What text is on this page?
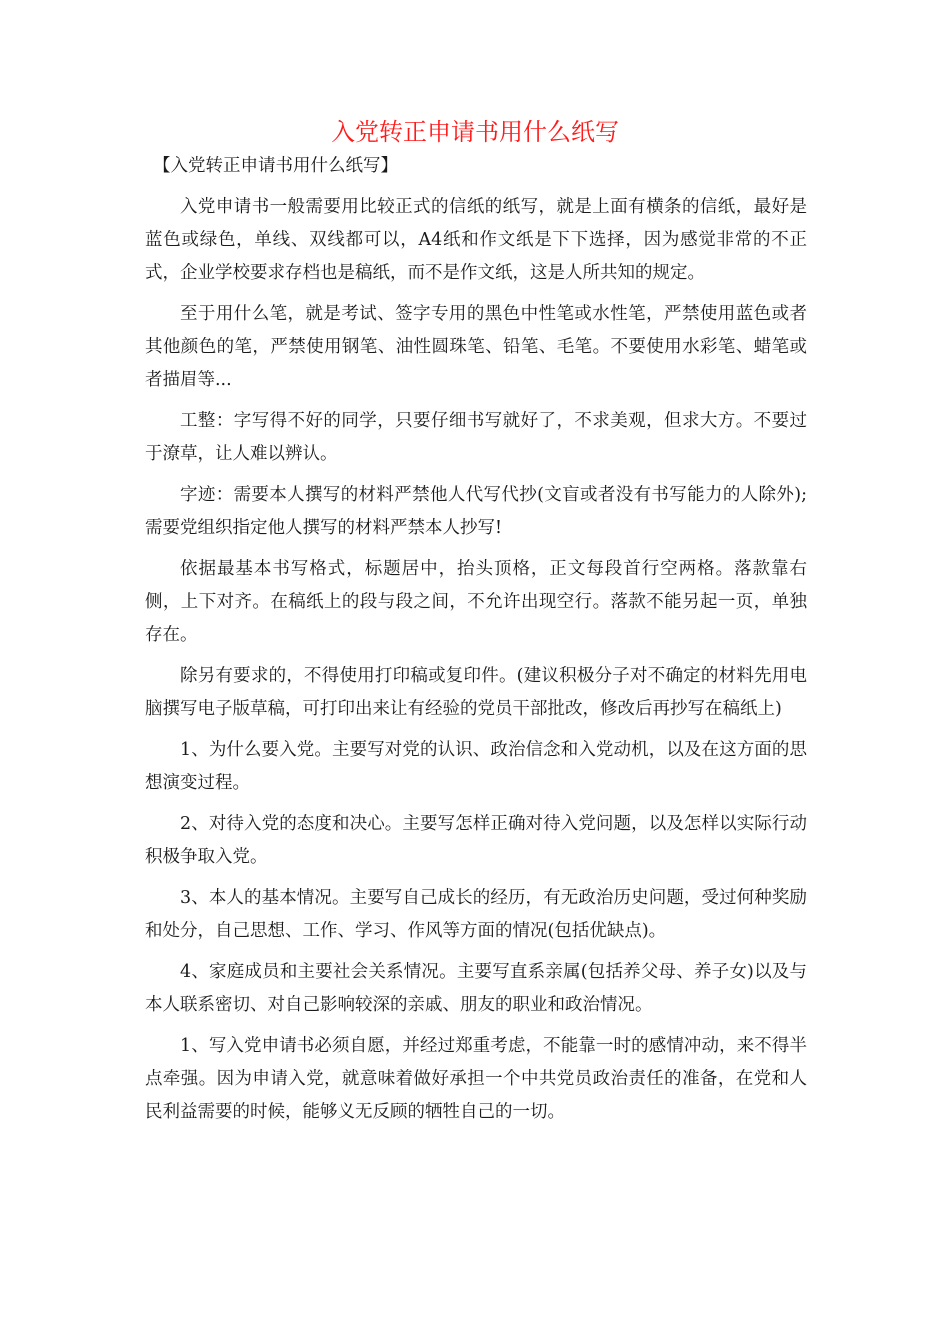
入党转正申请书用什么纸写

【入党转正申请书用什么纸写】

入党申请书一般需要用比较正式的信纸的纸写，就是上面有横条的信纸，最好是蓝色或绿色，单线、双线都可以，A4纸和作文纸是下下选择，因为感觉非常的不正式，企业学校要求存档也是稿纸，而不是作文纸，这是人所共知的规定。

至于用什么笔，就是考试、签字专用的黑色中性笔或水性笔，严禁使用蓝色或者其他颜色的笔，严禁使用钢笔、油性圆珠笔、铅笔、毛笔。不要使用水彩笔、蜡笔或者描眉等...

工整：字写得不好的同学，只要仔细书写就好了，不求美观，但求大方。不要过于潦草，让人难以辨认。

字迹：需要本人撰写的材料严禁他人代写代抄(文盲或者没有书写能力的人除外);需要党组织指定他人撰写的材料严禁本人抄写!

依据最基本书写格式，标题居中，抬头顶格，正文每段首行空两格。落款靠右侧，上下对齐。在稿纸上的段与段之间，不允许出现空行。落款不能另起一页，单独存在。

除另有要求的，不得使用打印稿或复印件。(建议积极分子对不确定的材料先用电脑撰写电子版草稿，可打印出来让有经验的党员干部批改，修改后再抄写在稿纸上)

1、为什么要入党。主要写对党的认识、政治信念和入党动机，以及在这方面的思想演变过程。

2、对待入党的态度和决心。主要写怎样正确对待入党问题，以及怎样以实际行动积极争取入党。

3、本人的基本情况。主要写自己成长的经历，有无政治历史问题，受过何种奖励和处分，自己思想、工作、学习、作风等方面的情况(包括优缺点)。

4、家庭成员和主要社会关系情况。主要写直系亲属(包括养父母、养子女)以及与本人联系密切、对自己影响较深的亲戚、朋友的职业和政治情况。

1、写入党申请书必须自愿，并经过郑重考虑，不能靠一时的感情冲动，来不得半点牵强。因为申请入党，就意味着做好承担一个中共党员政治责任的准备，在党和人民利益需要的时候，能够义无反顾的牺牲自己的一切。
